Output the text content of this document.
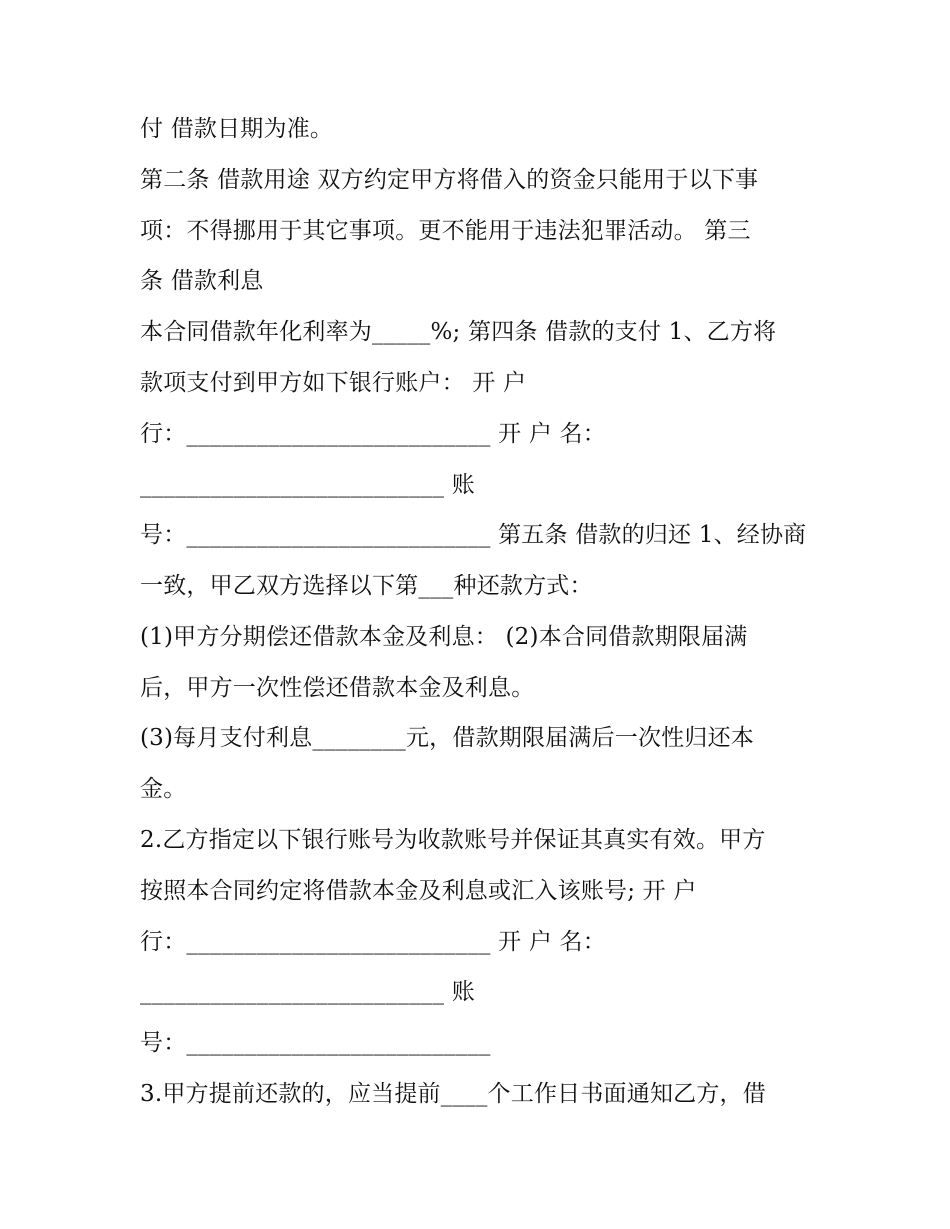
付 借款日期为准。
第二条 借款用途 双方约定甲方将借入的资金只能用于以下事
项：不得挪用于其它事项。更不能用于违法犯罪活动。 第三
条 借款利息
本合同借款年化利率为_____%; 第四条 借款的支付 1、乙方将
款项支付到甲方如下银行账户： 开 户
行：__________________________ 开 户 名：
__________________________ 账
号：__________________________ 第五条 借款的归还 1、经协商
一致，甲乙双方选择以下第___种还款方式：
(1)甲方分期偿还借款本金及利息： (2)本合同借款期限届满
后，甲方一次性偿还借款本金及利息。
(3)每月支付利息________元，借款期限届满后一次性归还本
金。
2.乙方指定以下银行账号为收款账号并保证其真实有效。甲方
按照本合同约定将借款本金及利息或汇入该账号; 开 户
行：__________________________ 开 户 名：
__________________________ 账
号：__________________________
3.甲方提前还款的，应当提前____个工作日书面通知乙方，借
